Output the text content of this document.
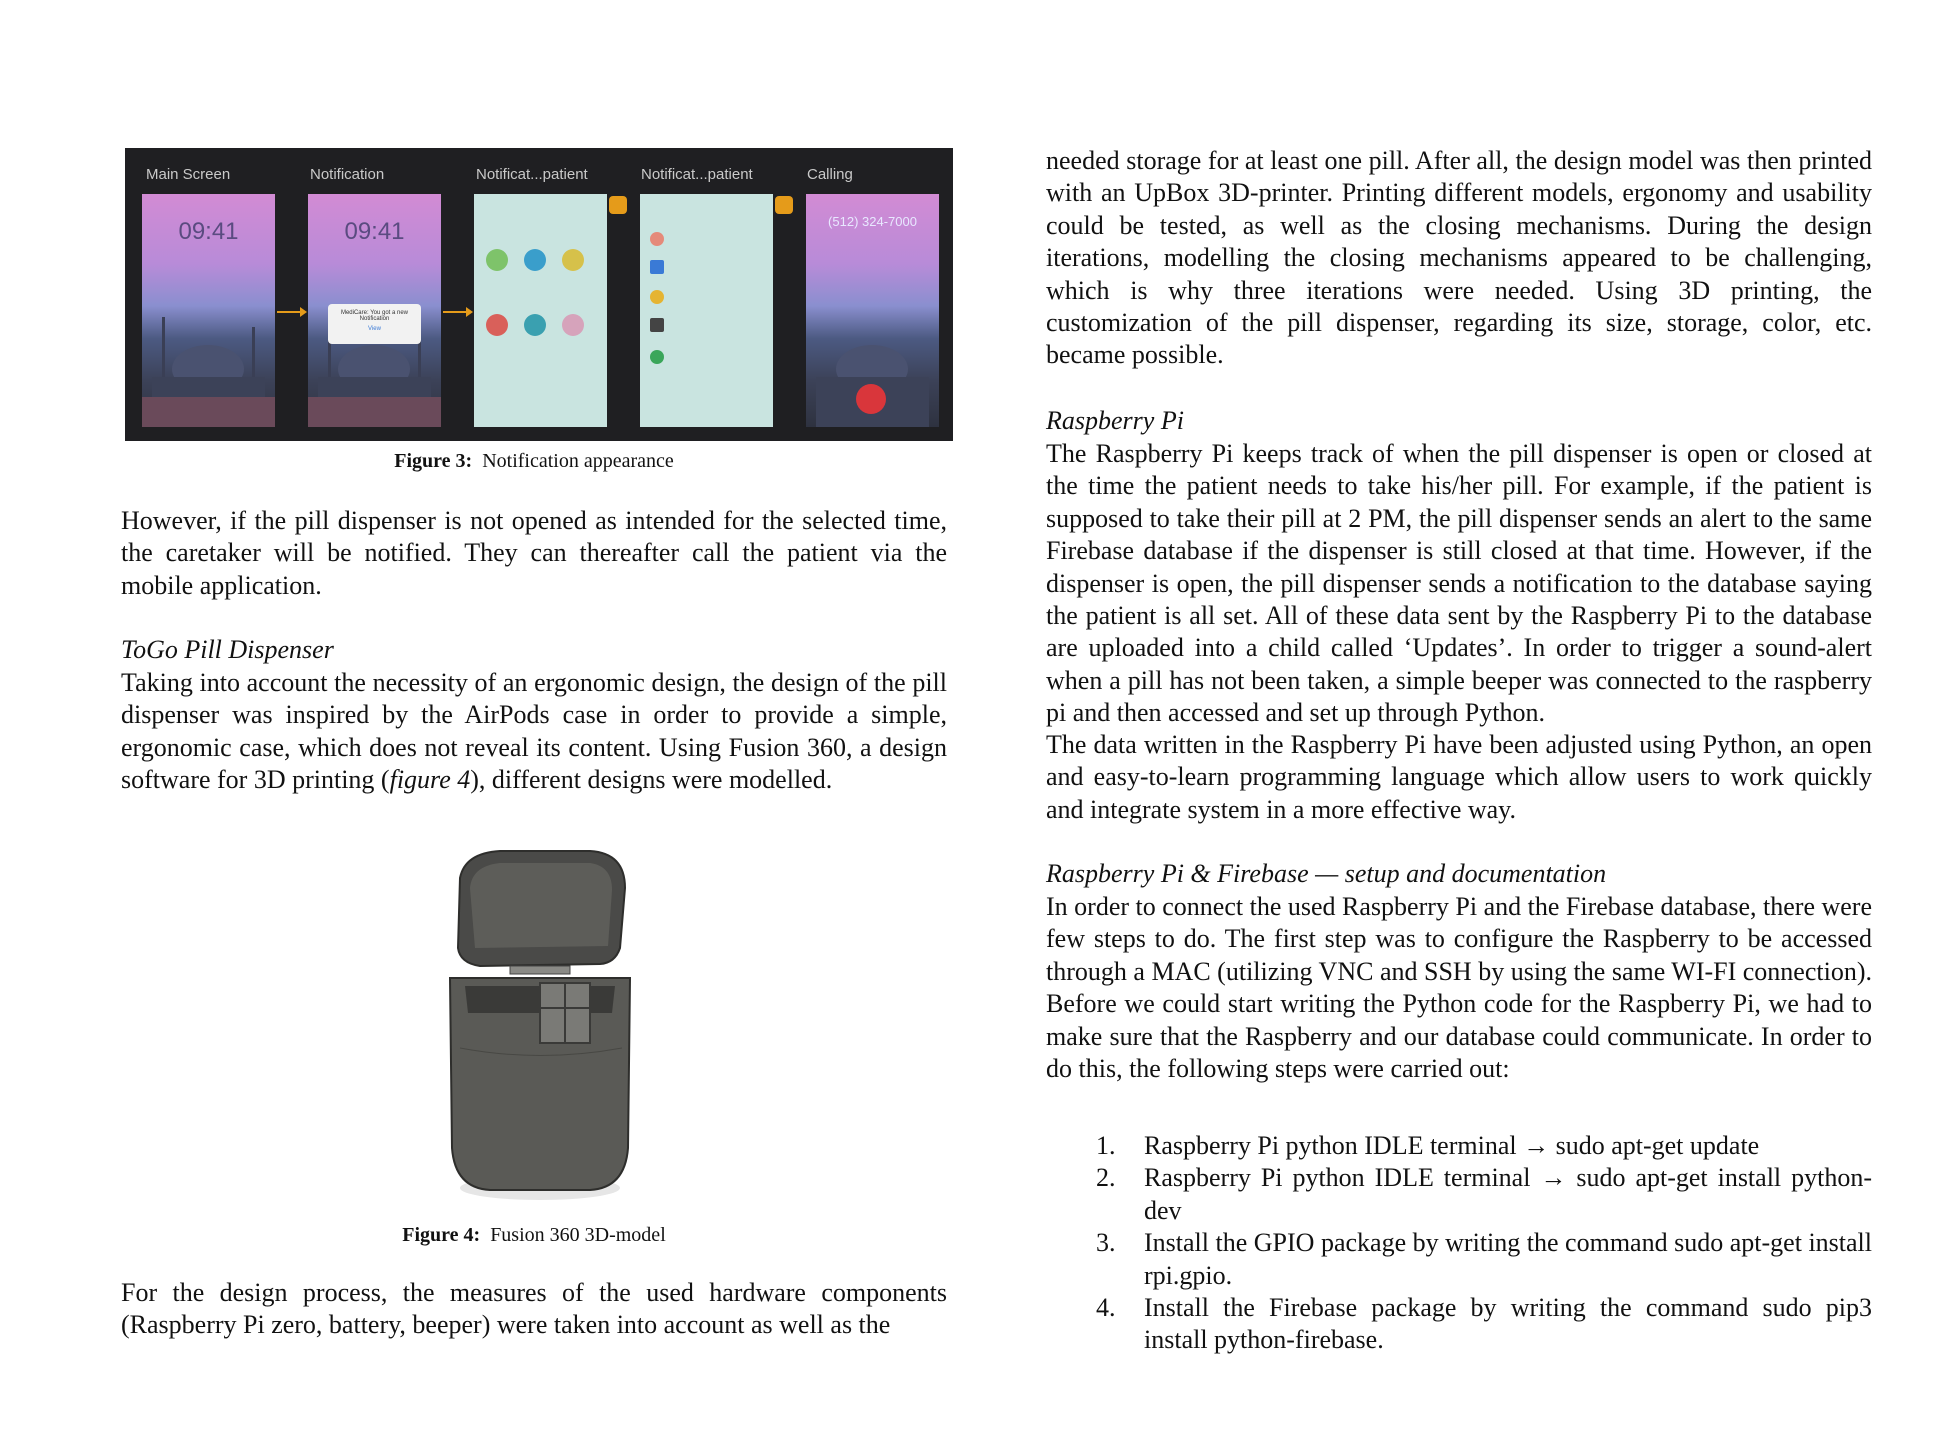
Main Screen	Notification	Notificat...patient	Notificat...patient	Calling
09:41	09:41
MediCare: You got a new Notification
View
(512) 324-7000
Figure 3: Notification appearance

However, if the pill dispenser is not opened as intended for the selected time, the caretaker will be notified. They can thereafter call the patient via the mobile application.

ToGo Pill Dispenser

Taking into account the necessity of an ergonomic design, the design of the pill dispenser was inspired by the AirPods case in order to provide a simple, ergonomic case, which does not reveal its content. Using Fusion 360, a design software for 3D printing (figure 4), different designs were modelled.

Figure 4: Fusion 360 3D-model

For the design process, the measures of the used hardware components (Raspberry Pi zero, battery, beeper) were taken into account as well as the

needed storage for at least one pill. After all, the design model was then printed with an UpBox 3D-printer. Printing different models, ergonomy and usability could be tested, as well as the closing mechanisms. During the design iterations, modelling the closing mechanisms appeared to be challenging, which is why three iterations were needed. Using 3D printing, the customization of the pill dispenser, regarding its size, storage, color, etc. became possible.

Raspberry Pi

The Raspberry Pi keeps track of when the pill dispenser is open or closed at the time the patient needs to take his/her pill. For example, if the patient is supposed to take their pill at 2 PM, the pill dispenser sends an alert to the same Firebase database if the dispenser is still closed at that time. However, if the dispenser is open, the pill dispenser sends a notification to the database saying the patient is all set. All of these data sent by the Raspberry Pi to the database are uploaded into a child called ‘Updates’. In order to trigger a sound-alert when a pill has not been taken, a simple beeper was connected to the raspberry pi and then accessed and set up through Python.

The data written in the Raspberry Pi have been adjusted using Python, an open and easy-to-learn programming language which allow users to work quickly and integrate system in a more effective way.

Raspberry Pi & Firebase — setup and documentation

In order to connect the used Raspberry Pi and the Firebase database, there were few steps to do. The first step was to configure the Raspberry to be accessed through a MAC (utilizing VNC and SSH by using the same WI-FI connection). Before we could start writing the Python code for the Raspberry Pi, we had to make sure that the Raspberry and our database could communicate. In order to do this, the following steps were carried out:

1. Raspberry Pi python IDLE terminal → sudo apt-get update
2. Raspberry Pi python IDLE terminal → sudo apt-get install python-dev
3. Install the GPIO package by writing the command sudo apt-get install rpi.gpio.
4. Install the Firebase package by writing the command sudo pip3 install python-firebase.
